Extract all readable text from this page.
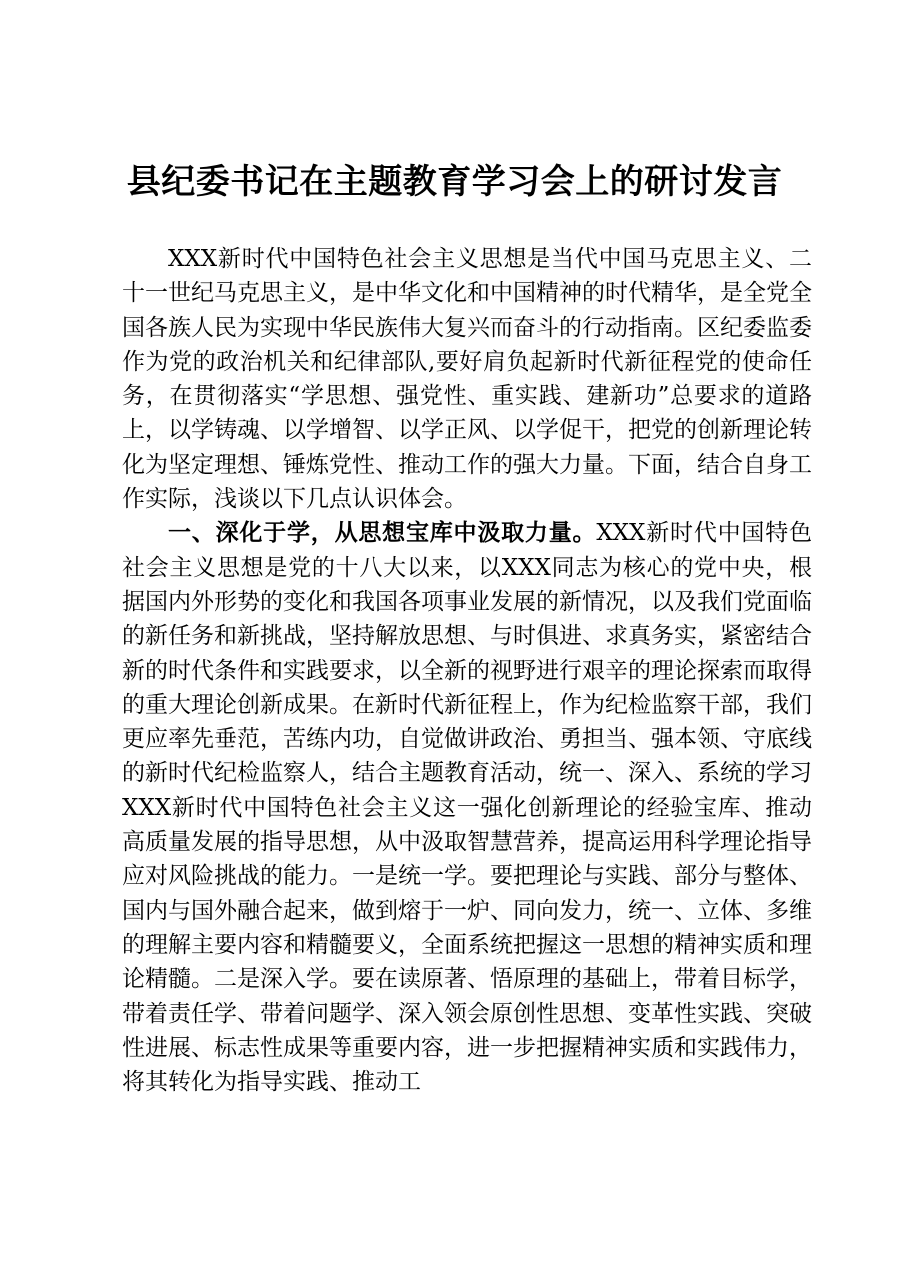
县纪委书记在主题教育学习会上的研讨发言

XXX新时代中国特色社会主义思想是当代中国马克思主义、二十一世纪马克思主义，是中华文化和中国精神的时代精华，是全党全国各族人民为实现中华民族伟大复兴而奋斗的行动指南。区纪委监委作为党的政治机关和纪律部队,要好肩负起新时代新征程党的使命任务，在贯彻落实“学思想、强党性、重实践、建新功”总要求的道路上，以学铸魂、以学增智、以学正风、以学促干，把党的创新理论转化为坚定理想、锤炼党性、推动工作的强大力量。下面，结合自身工作实际，浅谈以下几点认识体会。

一、深化于学，从思想宝库中汲取力量。XXX新时代中国特色社会主义思想是党的十八大以来，以XXX同志为核心的党中央，根据国内外形势的变化和我国各项事业发展的新情况，以及我们党面临的新任务和新挑战，坚持解放思想、与时俱进、求真务实，紧密结合新的时代条件和实践要求，以全新的视野进行艰辛的理论探索而取得的重大理论创新成果。在新时代新征程上，作为纪检监察干部，我们更应率先垂范，苦练内功，自觉做讲政治、勇担当、强本领、守底线的新时代纪检监察人，结合主题教育活动，统一、深入、系统的学习XXX新时代中国特色社会主义这一强化创新理论的经验宝库、推动高质量发展的指导思想，从中汲取智慧营养，提高运用科学理论指导应对风险挑战的能力。一是统一学。要把理论与实践、部分与整体、国内与国外融合起来，做到熔于一炉、同向发力，统一、立体、多维的理解主要内容和精髓要义，全面系统把握这一思想的精神实质和理论精髓。二是深入学。要在读原著、悟原理的基础上，带着目标学，带着责任学、带着问题学、深入领会原创性思想、变革性实践、突破性进展、标志性成果等重要内容，进一步把握精神实质和实践伟力，将其转化为指导实践、推动工
